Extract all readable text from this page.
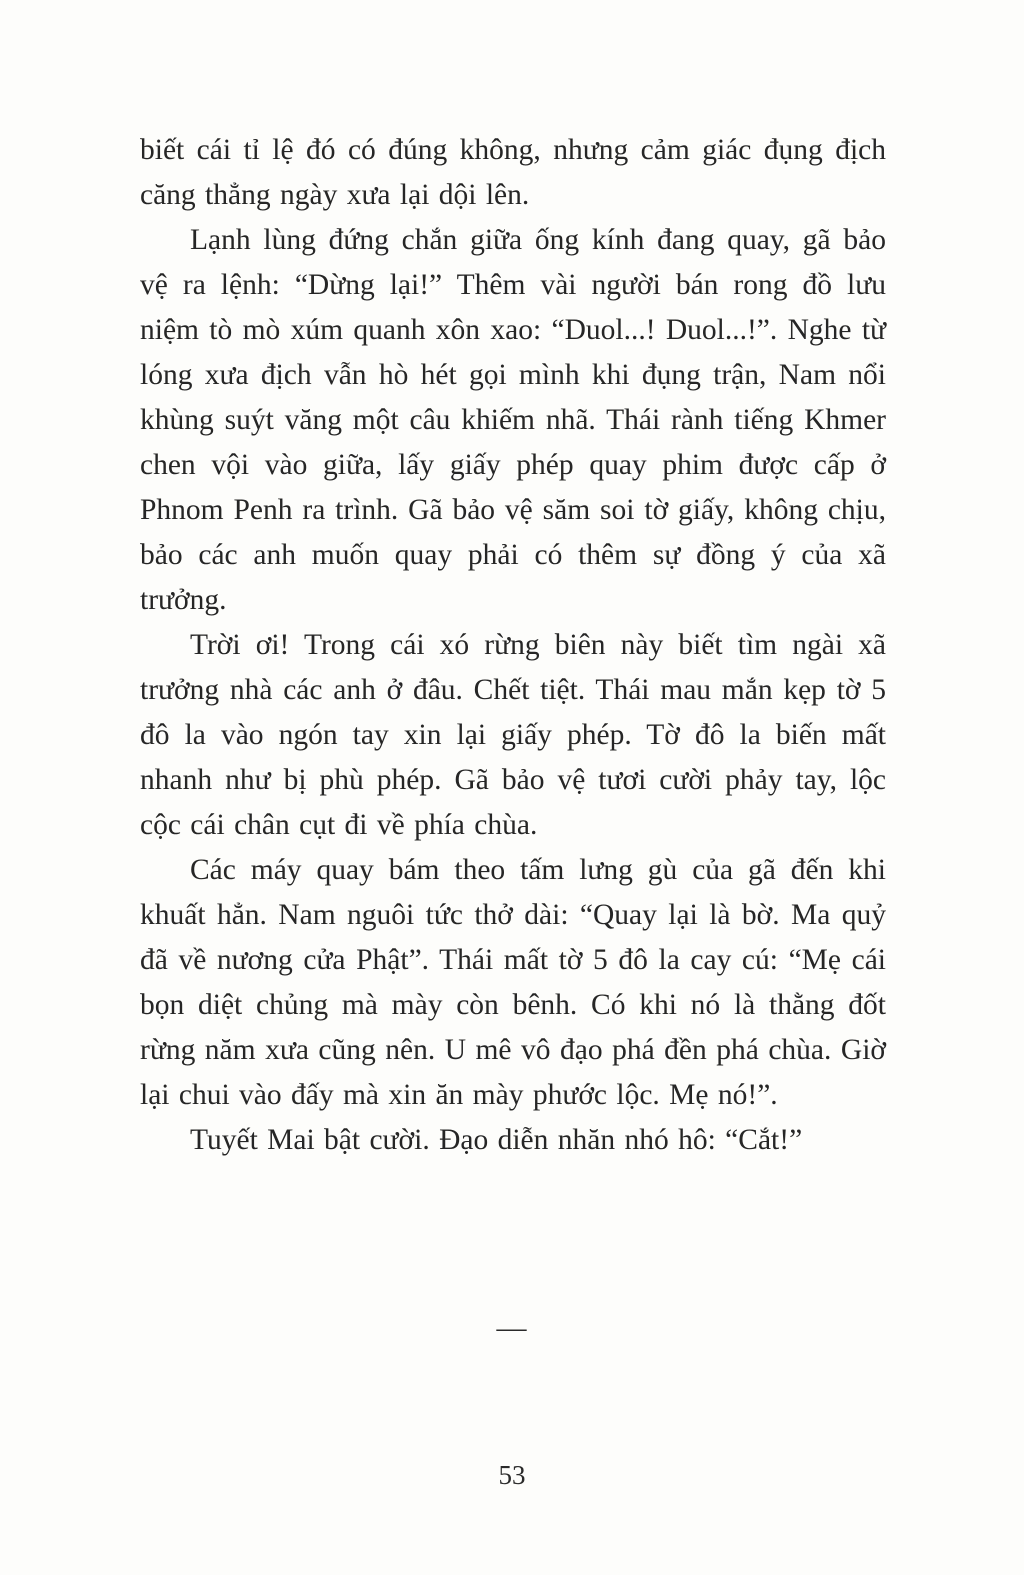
biết cái tỉ lệ đó có đúng không, nhưng cảm giác đụng địch căng thẳng ngày xưa lại dội lên.

Lạnh lùng đứng chắn giữa ống kính đang quay, gã bảo vệ ra lệnh: “Dừng lại!” Thêm vài người bán rong đồ lưu niệm tò mò xúm quanh xôn xao: “Duol...! Duol...!”. Nghe từ lóng xưa địch vẫn hò hét gọi mình khi đụng trận, Nam nổi khùng suýt văng một câu khiếm nhã. Thái rành tiếng Khmer chen vội vào giữa, lấy giấy phép quay phim được cấp ở Phnom Penh ra trình. Gã bảo vệ săm soi tờ giấy, không chịu, bảo các anh muốn quay phải có thêm sự đồng ý của xã trưởng.

Trời ơi! Trong cái xó rừng biên này biết tìm ngài xã trưởng nhà các anh ở đâu. Chết tiệt. Thái mau mắn kẹp tờ 5 đô la vào ngón tay xin lại giấy phép. Tờ đô la biến mất nhanh như bị phù phép. Gã bảo vệ tươi cười phảy tay, lộc cộc cái chân cụt đi về phía chùa.

Các máy quay bám theo tấm lưng gù của gã đến khi khuất hẳn. Nam nguôi tức thở dài: “Quay lại là bờ. Ma quỷ đã về nương cửa Phật”. Thái mất tờ 5 đô la cay cú: “Mẹ cái bọn diệt chủng mà mày còn bênh. Có khi nó là thằng đốt rừng năm xưa cũng nên. U mê vô đạo phá đền phá chùa. Giờ lại chui vào đấy mà xin ăn mày phước lộc. Mẹ nó!”.

Tuyết Mai bật cười. Đạo diễn nhăn nhó hô: “Cắt!”

—
53
